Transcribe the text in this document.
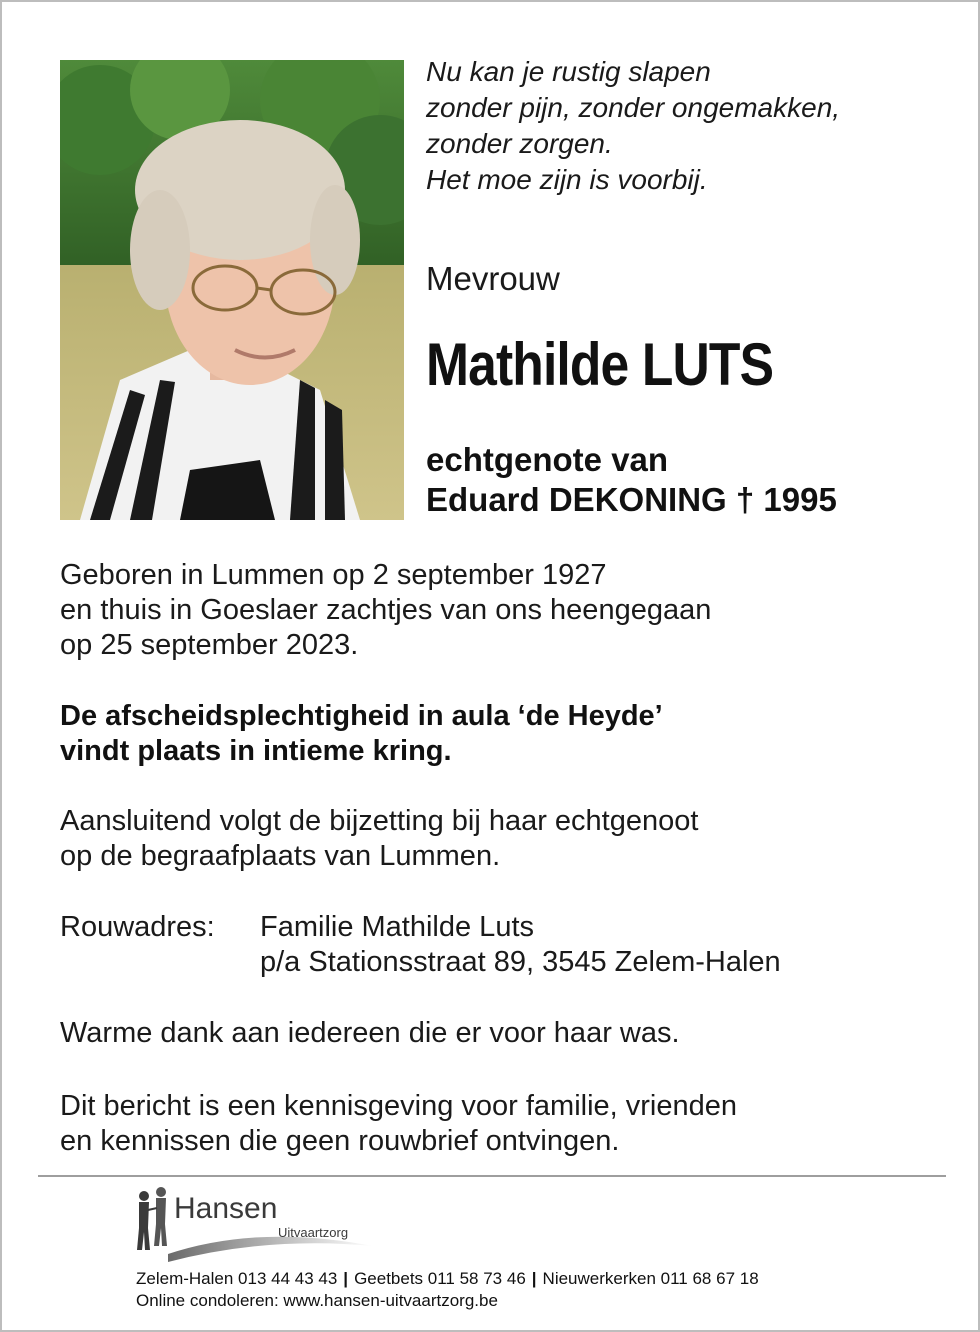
Nu kan je rustig slapen
zonder pijn, zonder ongemakken,
zonder zorgen.
Het moe zijn is voorbij.
Mevrouw
Mathilde LUTS
echtgenote van
Eduard DEKONING † 1995
Geboren in Lummen op 2 september 1927
en thuis in Goeslaer zachtjes van ons heengegaan
op 25 september 2023.
De afscheidsplechtigheid in aula ‘de Heyde’
vindt plaats in intieme kring.
Aansluitend volgt de bijzetting bij haar echtgenoot
op de begraafplaats van Lummen.
Rouwadres: Familie Mathilde Luts
p/a Stationsstraat 89, 3545 Zelem-Halen
Warme dank aan iedereen die er voor haar was.
Dit bericht is een kennisgeving voor familie, vrienden
en kennissen die geen rouwbrief ontvingen.
Hansen
Uitvaartzorg
Zelem-Halen 013 44 43 43 | Geetbets 011 58 73 46 | Nieuwerkerken 011 68 67 18
Online condoleren: www.hansen-uitvaartzorg.be
